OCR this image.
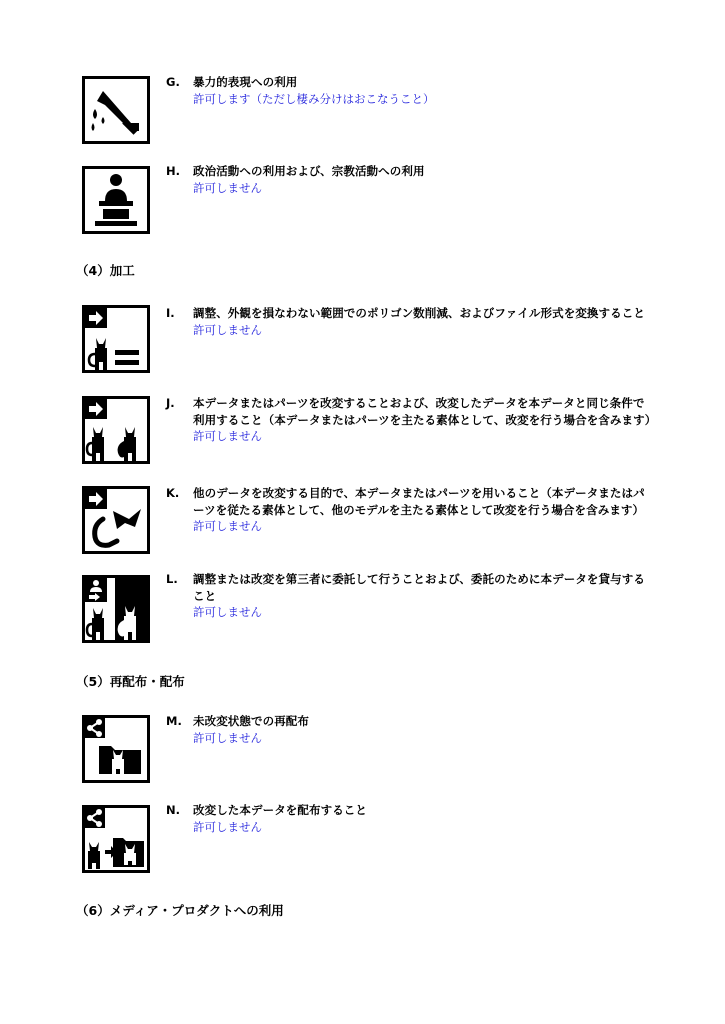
G.	暴力的表現への利用
許可します（ただし棲み分けはおこなうこと）
H.	政治活動への利用および、宗教活動への利用
許可しません
（4）加工
I.	調整、外観を損なわない範囲でのポリゴン数削減、およびファイル形式を変換すること
許可しません
J.	本データまたはパーツを改変することおよび、改変したデータを本データと同じ条件で利用すること（本データまたはパーツを主たる素体として、改変を行う場合を含みます）
許可しません
K.	他のデータを改変する目的で、本データまたはパーツを用いること（本データまたはパーツを従たる素体として、他のモデルを主たる素体として改変を行う場合を含みます）
許可しません
L.	調整または改変を第三者に委託して行うことおよび、委託のために本データを貸与すること
許可しません
（5）再配布・配布
M. 未改変状態での再配布
許可しません
N.	改変した本データを配布すること
許可しません
（6）メディア・プロダクトへの利用
